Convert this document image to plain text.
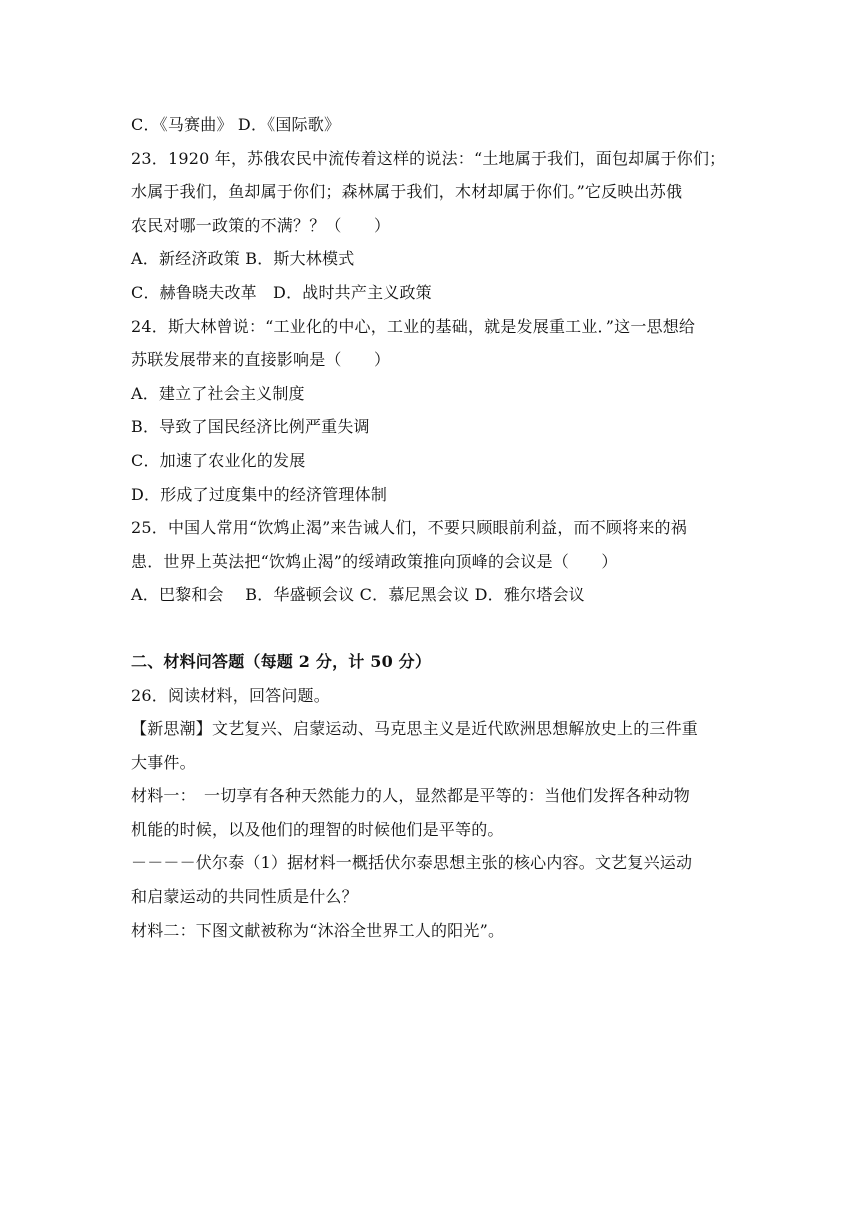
C．《马赛曲》 D．《国际歌》
23．1920 年，苏俄农民中流传着这样的说法：“土地属于我们，面包却属于你们；
水属于我们，鱼却属于你们；森林属于我们，木材却属于你们。”它反映出苏俄
农民对哪一政策的不满？？（　　）
A．新经济政策 B．斯大林模式
C．赫鲁晓夫改革　D．战时共产主义政策
24．斯大林曾说：“工业化的中心，工业的基础，就是发展重工业．”这一思想给
苏联发展带来的直接影响是（　　）
A．建立了社会主义制度
B．导致了国民经济比例严重失调
C．加速了农业化的发展
D．形成了过度集中的经济管理体制
25．中国人常用“饮鸩止渴”来告诫人们，不要只顾眼前利益，而不顾将来的祸
患．世界上英法把“饮鸩止渴”的绥靖政策推向顶峰的会议是（　　）
A．巴黎和会　 B．华盛顿会议 C．慕尼黑会议 D．雅尔塔会议
二、材料问答题（每题 2 分，计 50 分）
26．阅读材料，回答问题。
【新思潮】文艺复兴、启蒙运动、马克思主义是近代欧洲思想解放史上的三件重
大事件。
材料一：　一切享有各种天然能力的人，显然都是平等的：当他们发挥各种动物
机能的时候，以及他们的理智的时候他们是平等的。
－－－－伏尔泰（1）据材料一概括伏尔泰思想主张的核心内容。文艺复兴运动
和启蒙运动的共同性质是什么？
材料二：下图文献被称为“沐浴全世界工人的阳光”。
